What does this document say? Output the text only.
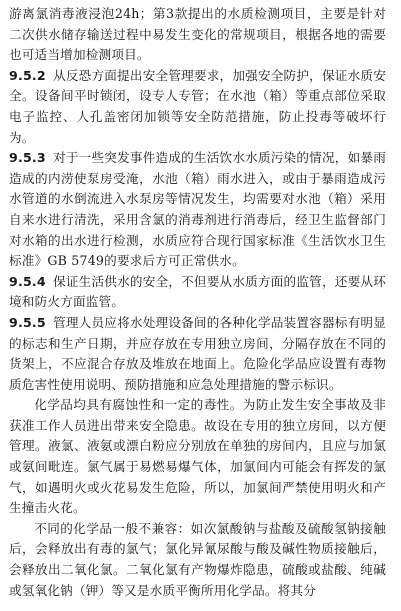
游离氯消毒液浸泡24h；第3款提出的水质检测项目，主要是针对二次供水储存输送过程中易发生变化的常规项目，根据各地的需要也可适当增加检测项目。

9.5.2 从反恐方面提出安全管理要求，加强安全防护，保证水质安全。设备间平时锁闭，设专人专管；在水池（箱）等重点部位采取电子监控、人孔盖密闭加锁等安全防范措施，防止投毒等破坏行为。

9.5.3 对于一些突发事件造成的生活饮水水质污染的情况，如暴雨造成的内涝使泵房受淹，水池（箱）雨水进入，或由于暴雨造成污水管道的水倒流进入水泵房等情况发生，均需要对水池（箱）采用自来水进行清洗，采用含氯的消毒剂进行消毒后，经卫生监督部门对水箱的出水进行检测，水质应符合现行国家标准《生活饮水卫生标准》GB 5749的要求后方可正常供水。

9.5.4 保证生活供水的安全，不但要从水质方面的监管，还要从环境和防火方面监管。

9.5.5 管理人员应将水处理设备间的各种化学品装置容器标有明显的标志和生产日期，并应存放在专用独立房间，分隔存放在不同的货架上，不应混合存放及堆放在地面上。危险化学品应设置有毒物质危害性使用说明、预防措施和应急处理措施的警示标识。

化学品均具有腐蚀性和一定的毒性。为防止发生安全事故及非获准工作人员进出带来安全隐患。故设在专用的独立房间，以方便管理。液氯、液氨或漂白粉应分别放在单独的房间内，且应与加氯或氨间毗连。氯气属于易燃易爆气体，加氯间内可能会有挥发的氯气，如遇明火或火花易发生危险，所以，加氯间严禁使用明火和产生撞击火花。

不同的化学品一般不兼容：如次氯酸钠与盐酸及硫酸氢钠接触后，会释放出有毒的氯气；氯化异氰尿酸与酸及碱性物质接触后，会释放出二氧化氯。二氧化氯有产物爆炸隐患，硫酸或盐酸、纯碱或氢氧化钠（钾）等又是水质平衡所用化学品。将其分
